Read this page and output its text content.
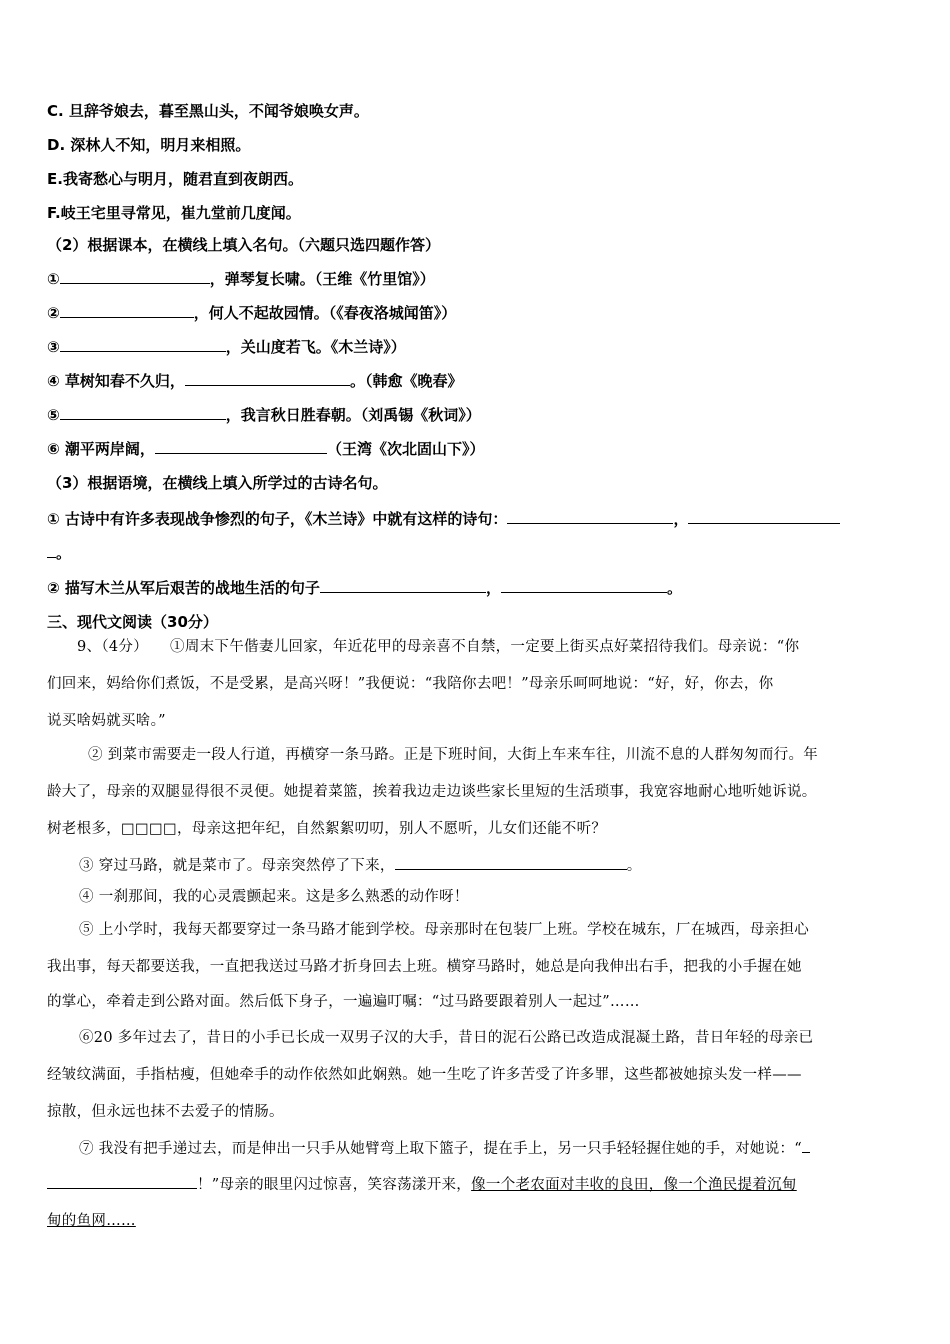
C. 旦辞爷娘去，暮至黑山头，不闻爷娘唤女声。
D. 深林人不知，明月来相照。
E.我寄愁心与明月，随君直到夜朗西。
F.岐王宅里寻常见，崔九堂前几度闻。
（2）根据课本，在横线上填入名句。（六题只选四题作答）
①	，弹琴复长啸。（王维《竹里馆》）
②	，何人不起故园情。（《春夜洛城闻笛》）
③	，关山度若飞。《木兰诗》）
④ 草树知春不久归，	。（韩愈《晚春》
⑤	，我言秋日胜春朝。（刘禹锡《秋词》）
⑥ 潮平两岸阔，	（王湾《次北固山下》）
（3）根据语境，在横线上填入所学过的古诗名句。
① 古诗中有许多表现战争惨烈的句子，《木兰诗》中就有这样的诗句：	，
。
② 描写木兰从军后艰苦的战地生活的句子	，	。
三、现代文阅读（30分）
9、（4分） ①周末下午偕妻儿回家，年近花甲的母亲喜不自禁，一定要上街买点好菜招待我们。母亲说：“你
们回来，妈给你们煮饭，不是受累，是高兴呀！”我便说：“我陪你去吧！”母亲乐呵呵地说：“好，好，你去，你
说买啥妈就买啥。”
② 到菜市需要走一段人行道，再横穿一条马路。正是下班时间，大街上车来车往，川流不息的人群匆匆而行。年
龄大了，母亲的双腿显得很不灵便。她提着菜篮，挨着我边走边谈些家长里短的生活琐事，我宽容地耐心地听她诉说。
树老根多，□□□□，母亲这把年纪，自然絮絮叨叨，别人不愿听，儿女们还能不听？
③ 穿过马路，就是菜市了。母亲突然停了下来，	。
④ 一刹那间，我的心灵震颤起来。这是多么熟悉的动作呀！
⑤ 上小学时，我每天都要穿过一条马路才能到学校。母亲那时在包装厂上班。学校在城东，厂在城西，母亲担心
我出事，每天都要送我，一直把我送过马路才折身回去上班。横穿马路时，她总是向我伸出右手，把我的小手握在她
的掌心，牵着走到公路对面。然后低下身子，一遍遍叮嘱：“过马路要跟着别人一起过”……
⑥20 多年过去了，昔日的小手已长成一双男子汉的大手，昔日的泥石公路已改造成混凝土路，昔日年轻的母亲已
经皱纹满面，手指枯瘦，但她牵手的动作依然如此娴熟。她一生吃了许多苦受了许多罪，这些都被她掠头发一样——
掠散，但永远也抹不去爱子的情肠。
⑦ 我没有把手递过去，而是伸出一只手从她臂弯上取下篮子，提在手上，另一只手轻轻握住她的手，对她说：“
！”母亲的眼里闪过惊喜，笑容荡漾开来，像一个老农面对丰收的良田，像一个渔民提着沉甸
甸的鱼网……
